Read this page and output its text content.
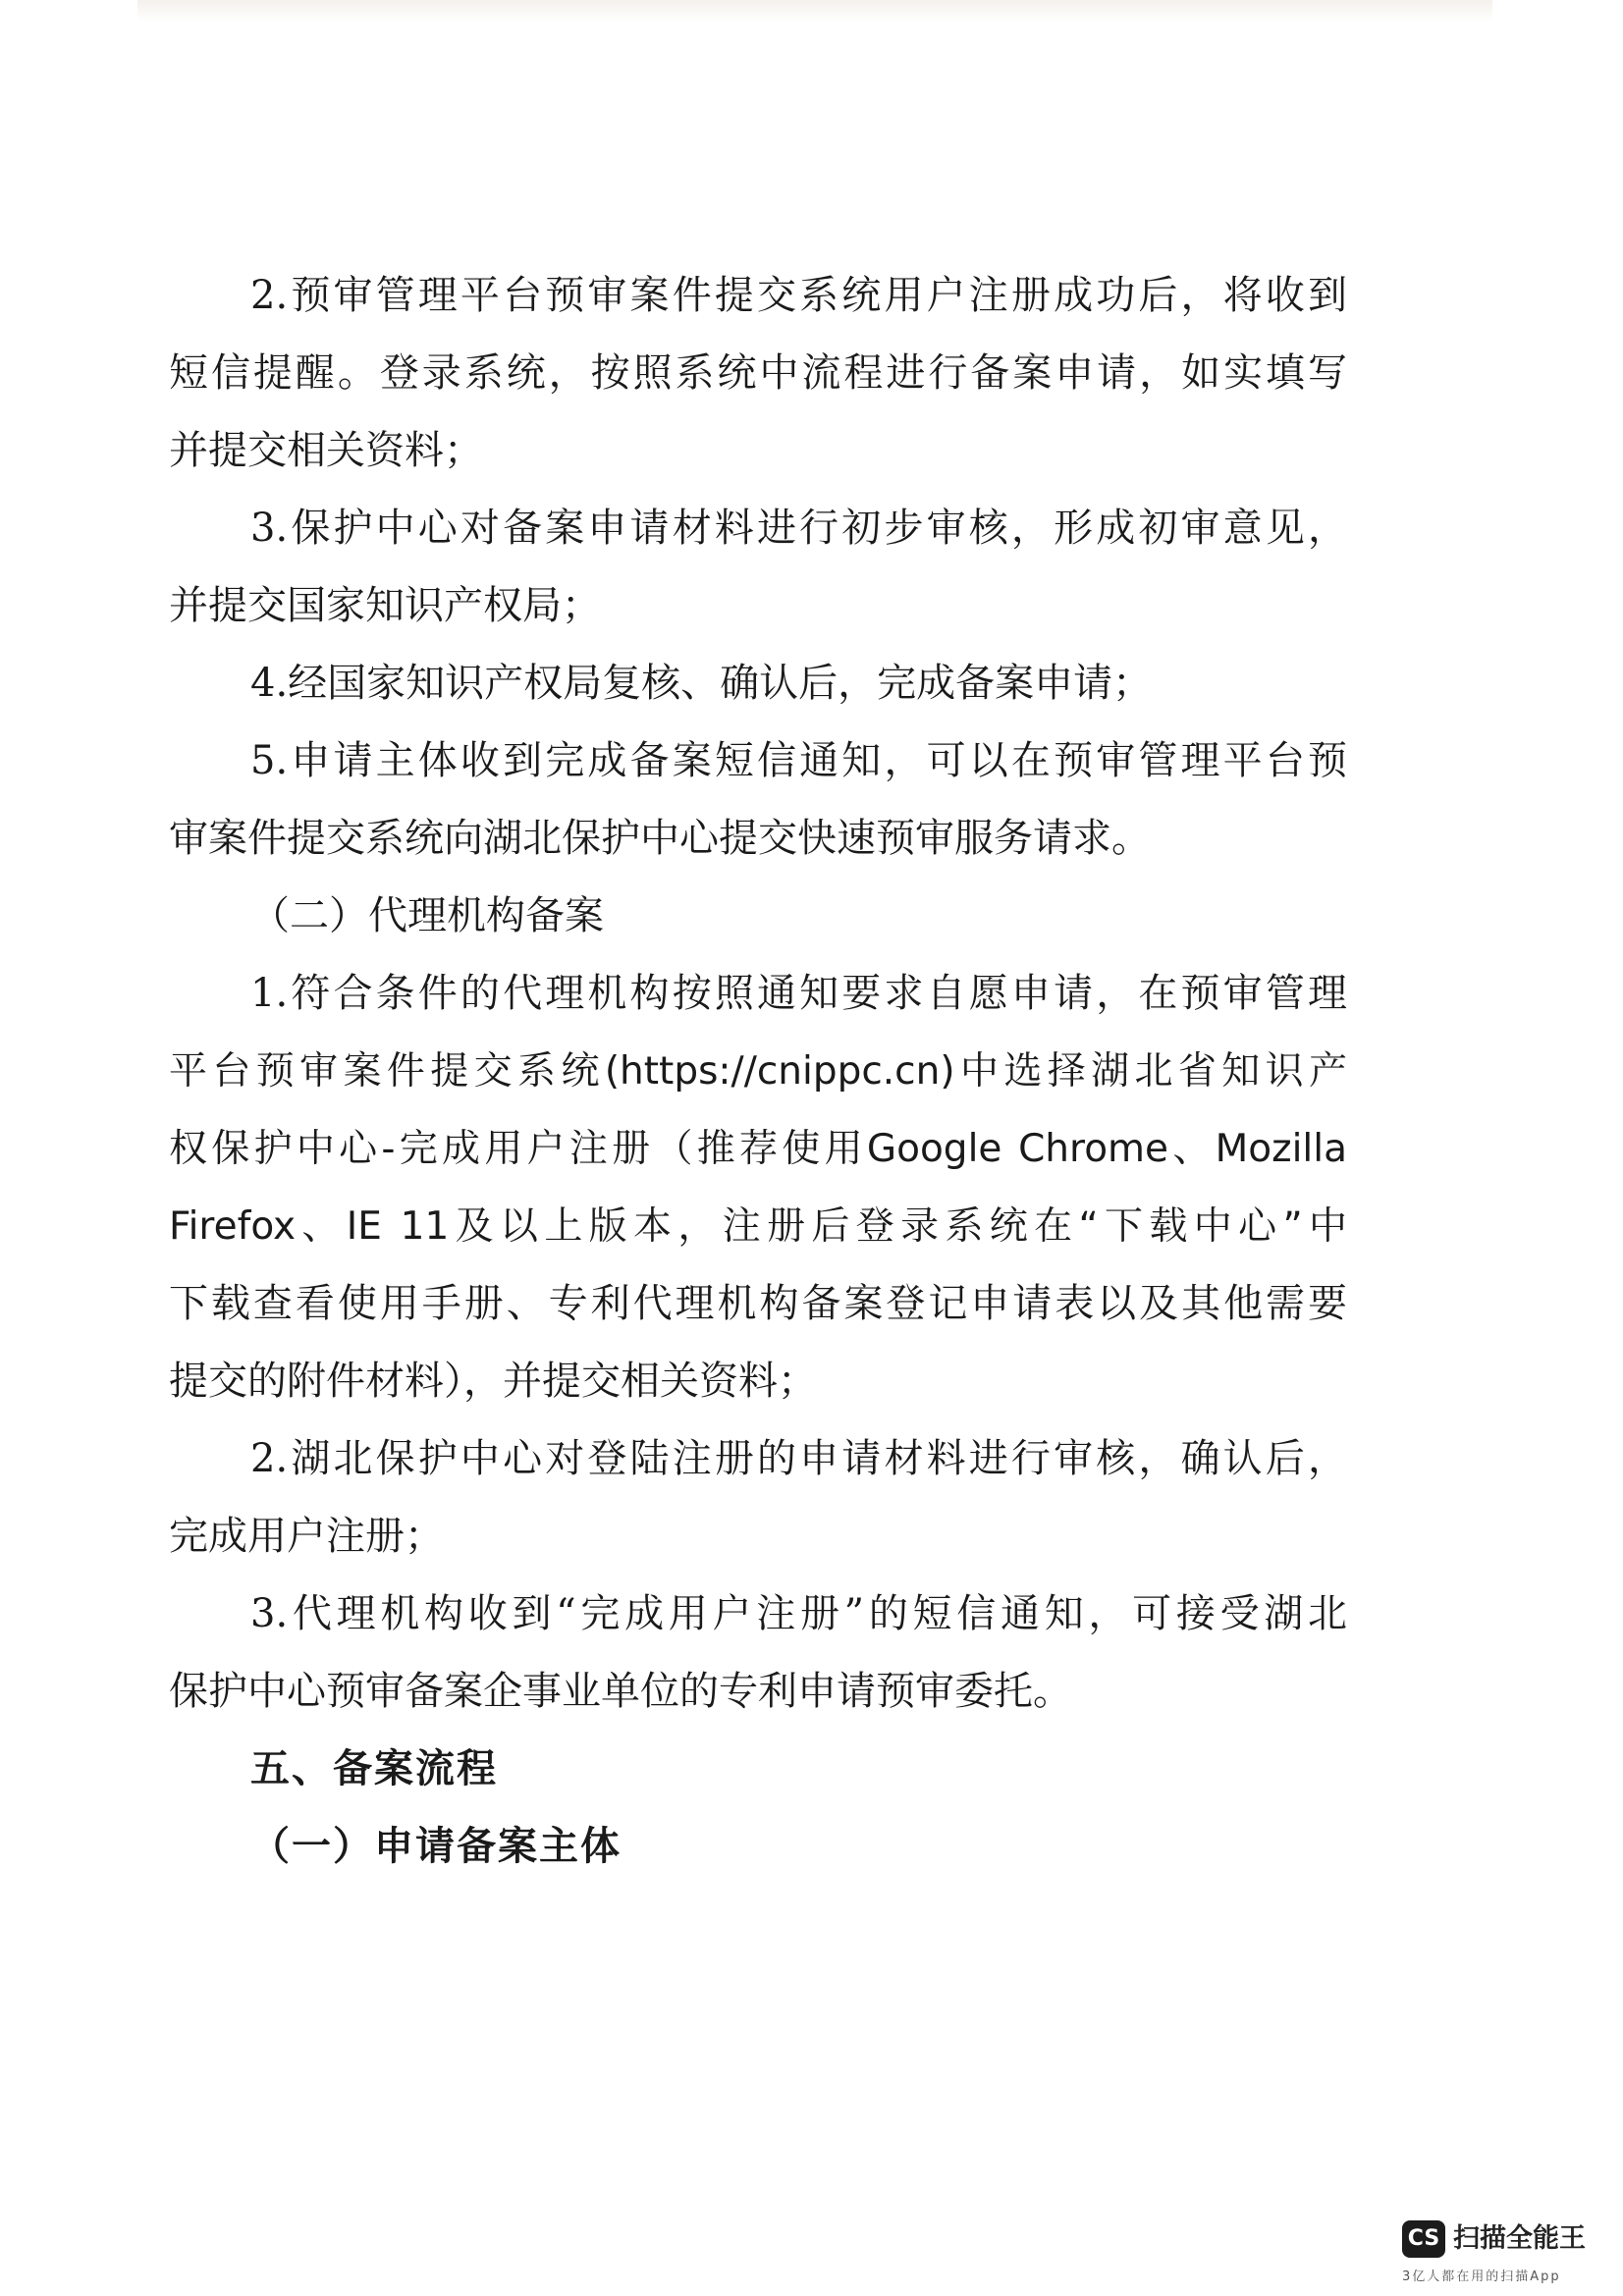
2.预审管理平台预审案件提交系统用户注册成功后，将收到
短信提醒。登录系统，按照系统中流程进行备案申请，如实填写
并提交相关资料；
3.保护中心对备案申请材料进行初步审核，形成初审意见，
并提交国家知识产权局；
4.经国家知识产权局复核、确认后，完成备案申请；
5.申请主体收到完成备案短信通知，可以在预审管理平台预
审案件提交系统向湖北保护中心提交快速预审服务请求。
（二）代理机构备案
1.符合条件的代理机构按照通知要求自愿申请，在预审管理
平台预审案件提交系统(https://cnippc.cn)中选择湖北省知识产
权保护中心-完成用户注册（推荐使用Google Chrome、Mozilla
Firefox、IE 11及以上版本，注册后登录系统在“下载中心”中
下载查看使用手册、专利代理机构备案登记申请表以及其他需要
提交的附件材料），并提交相关资料；
2.湖北保护中心对登陆注册的申请材料进行审核，确认后，
完成用户注册；
3.代理机构收到“完成用户注册”的短信通知，可接受湖北
保护中心预审备案企事业单位的专利申请预审委托。
五、备案流程
（一）申请备案主体
CS 扫描全能王
3亿人都在用的扫描App
